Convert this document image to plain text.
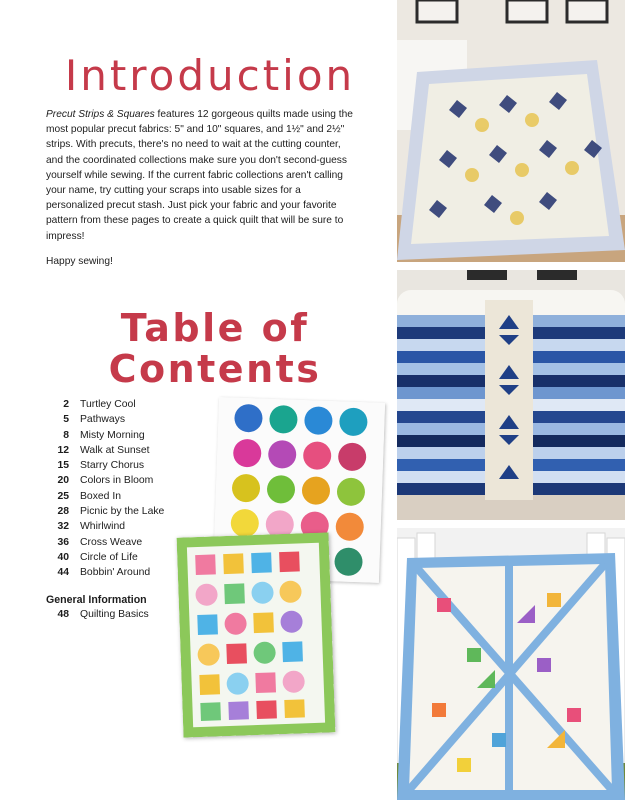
Introduction

Precut Strips & Squares features 12 gorgeous quilts made using the most popular precut fabrics: 5" and 10" squares, and 1½" and 2½" strips. With precuts, there's no need to wait at the cutting counter, and the coordinated collections make sure you don't second-guess yourself while sewing. If the current fabric collections aren't calling your name, try cutting your scraps into usable sizes for a personalized precut stash. Just pick your fabric and your favorite pattern from these pages to create a quick quilt that will be sure to impress!

Happy sewing!

Table of
Contents
2 Turtley Cool
5 Pathways
8 Misty Morning
12 Walk at Sunset
15 Starry Chorus
20 Colors in Bloom
25 Boxed In
28 Picnic by the Lake
32 Whirlwind
36 Cross Weave
40 Circle of Life
44 Bobbin' Around

General Information

48 Quilting Basics
